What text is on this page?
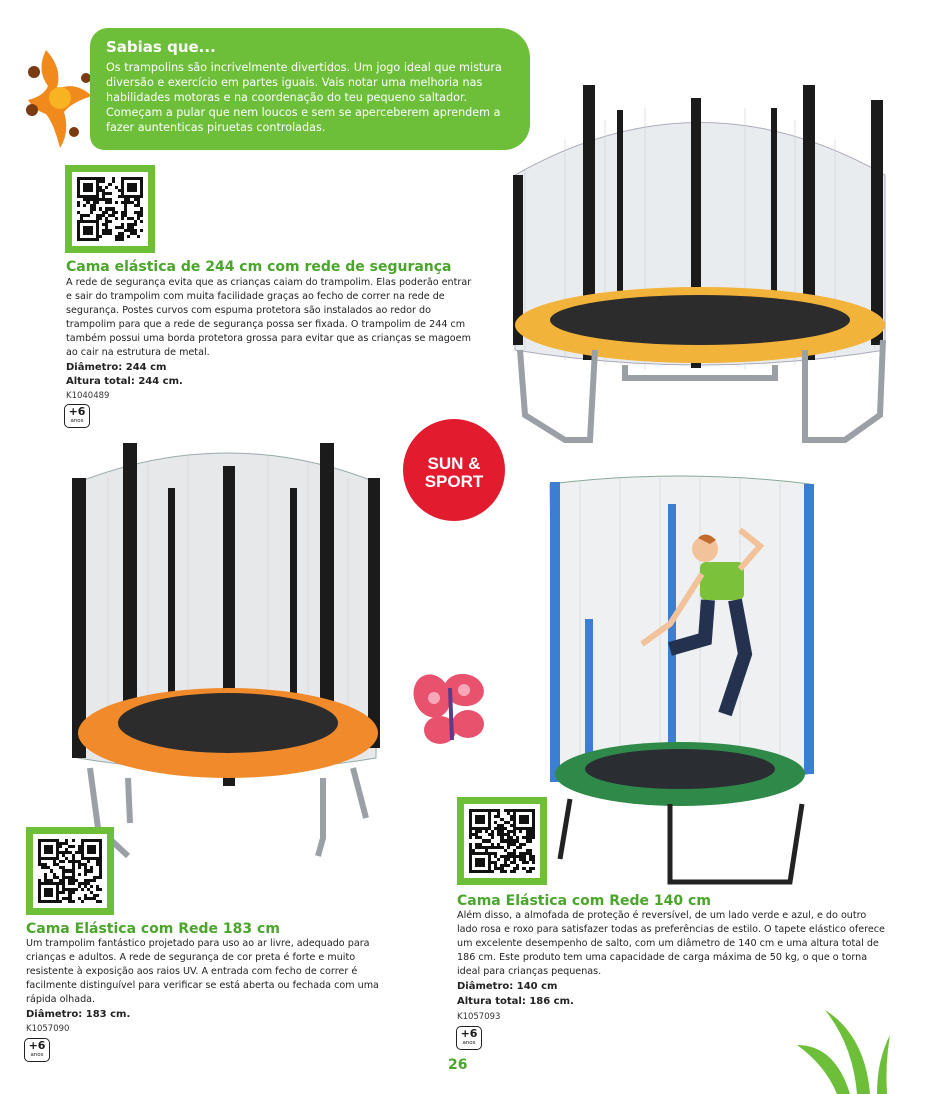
Sabias que...
Os trampolins são incrivelmente divertidos. Um jogo ideal que mistura diversão e exercício em partes iguais. Vais notar uma melhoria nas habilidades motoras e na coordenação do teu pequeno saltador. Começam a pular que nem loucos e sem se aperceberem aprendem a fazer auntenticas piruetas controladas.
Cama elástica de 244 cm com rede de segurança
A rede de segurança evita que as crianças caiam do trampolim. Elas poderão entrar e sair do trampolim com muita facilidade graças ao fecho de correr na rede de segurança. Postes curvos com espuma protetora são instalados ao redor do trampolim para que a rede de segurança possa ser fixada. O trampolim de 244 cm também possui uma borda protetora grossa para evitar que as crianças se magoem ao cair na estrutura de metal.
Diâmetro: 244 cm
Altura total: 244 cm.
K1040489
+6
anos
SUN &
SPORT
Cama Elástica com Rede 183 cm
Um trampolim fantástico projetado para uso ao ar livre, adequado para crianças e adultos. A rede de segurança de cor preta é forte e muito resistente à exposição aos raios UV. A entrada com fecho de correr é facilmente distinguível para verificar se está aberta ou fechada com uma rápida olhada.
Diâmetro: 183 cm.
K1057090
+6
anos
Cama Elástica com Rede 140 cm
Além disso, a almofada de proteção é reversível, de um lado verde e azul, e do outro lado rosa e roxo para satisfazer todas as preferências de estilo. O tapete elástico oferece um excelente desempenho de salto, com um diâmetro de 140 cm e uma altura total de 186 cm. Este produto tem uma capacidade de carga máxima de 50 kg, o que o torna ideal para crianças pequenas.
Diâmetro: 140 cm
Altura total: 186 cm.
K1057093
+6
anos
26
